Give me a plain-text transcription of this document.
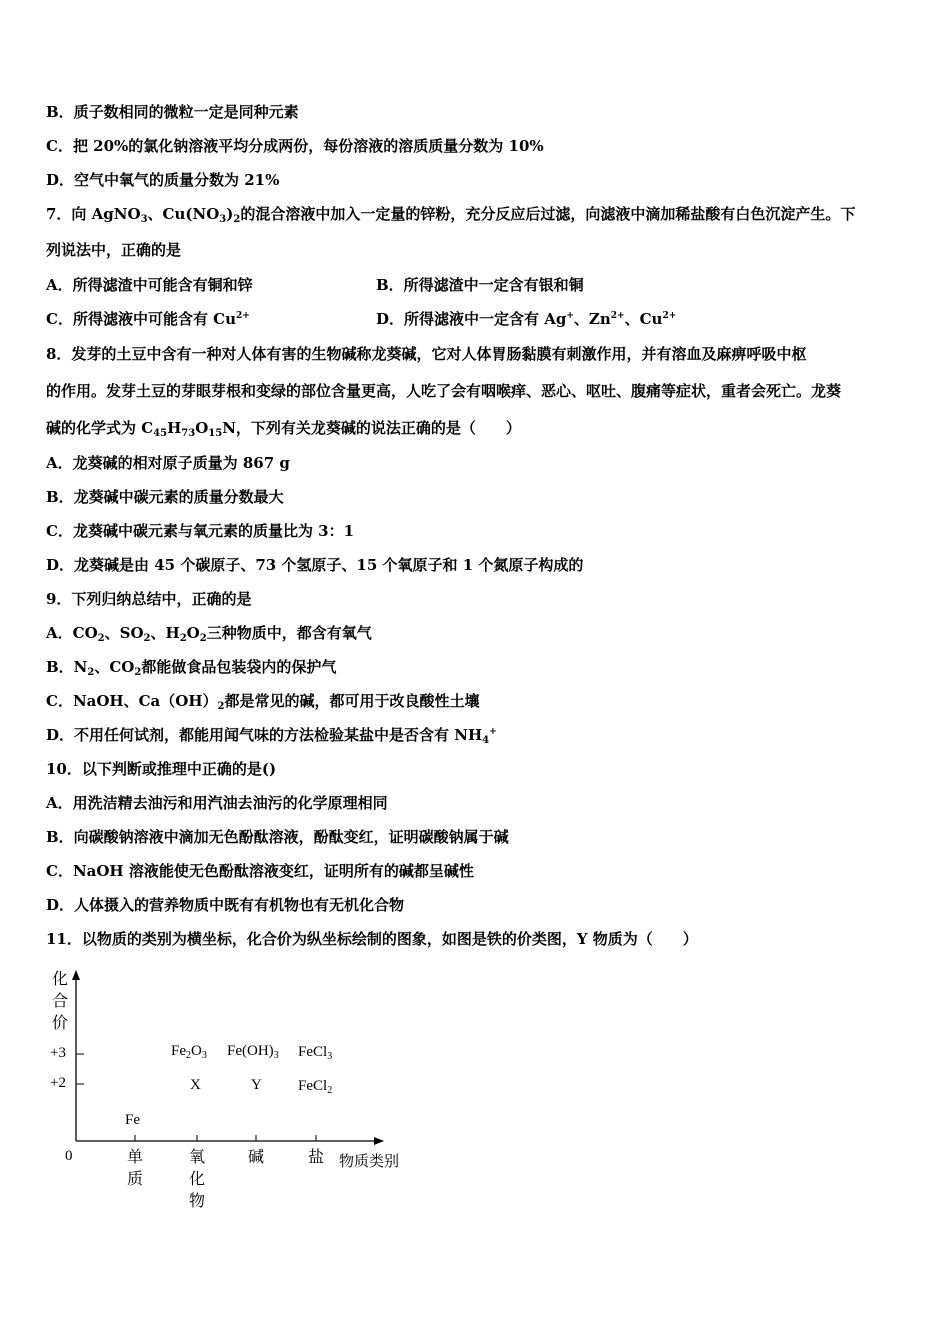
B．质子数相同的微粒一定是同种元素
C．把 20%的氯化钠溶液平均分成两份，每份溶液的溶质质量分数为 10%
D．空气中氧气的质量分数为 21%
7．向 AgNO$_3$、$Cu(NO_3)_2$的混合溶液中加入一定量的锌粉，充分反应后过滤，向滤液中滴加稀盐酸有白色沉淀产生。下
列说法中，正确的是
A．所得滤渣中可能含有铜和锌	B．所得滤渣中一定含有银和铜
C．所得滤液中可能含有 $Cu^{2+}$	D．所得滤液中一定含有 Ag+、$Zn^{2+}$、$Cu^{2+}$
8．发芽的土豆中含有一种对人体有害的生物碱称龙葵碱，它对人体胃肠黏膜有刺激作用，并有溶血及麻痹呼吸中枢
的作用。发芽土豆的芽眼芽根和变绿的部位含量更高，人吃了会有咽喉痒、恶心、呕吐、腹痛等症状，重者会死亡。龙葵
碱的化学式为 $C_{45}H_{73}O_{15}N$，下列有关龙葵碱的说法正确的是（　　）
A．龙葵碱的相对原子质量为 867 g
B．龙葵碱中碳元素的质量分数最大
C．龙葵碱中碳元素与氧元素的质量比为 3：1
D．龙葵碱是由 45 个碳原子、73 个氢原子、15 个氧原子和 1 个氮原子构成的
9．下列归纳总结中，正确的是
A．$CO_2$、$SO_2$、$H_2O_2$三种物质中，都含有氧气
B．$N_2$、$CO_2$都能做食品包装袋内的保护气
C．NaOH、$Ca(OH)_2$都是常见的碱，都可用于改良酸性土壤
D．不用任何试剂，都能用闻气味的方法检验某盐中是否含有 $NH_4^+$
10．以下判断或推理中正确的是()
A．用洗洁精去油污和用汽油去油污的化学原理相同
B．向碳酸钠溶液中滴加无色酚酞溶液，酚酞变红，证明碳酸钠属于碱
C．NaOH 溶液能使无色酚酞溶液变红，证明所有的碱都呈碱性
D．人体摄入的营养物质中既有有机物也有无机化合物
11．以物质的类别为横坐标，化合价为纵坐标绘制的图象，如图是铁的价类图，Y 物质为（　　）
化
合
价
+3
+2
0	单
质
氧
化
物
碱	盐 物质类别
Fe
$Fe_2O_3$ $Fe(OH)_3$ FeCl$_3$
X	Y FeCl$_2$
